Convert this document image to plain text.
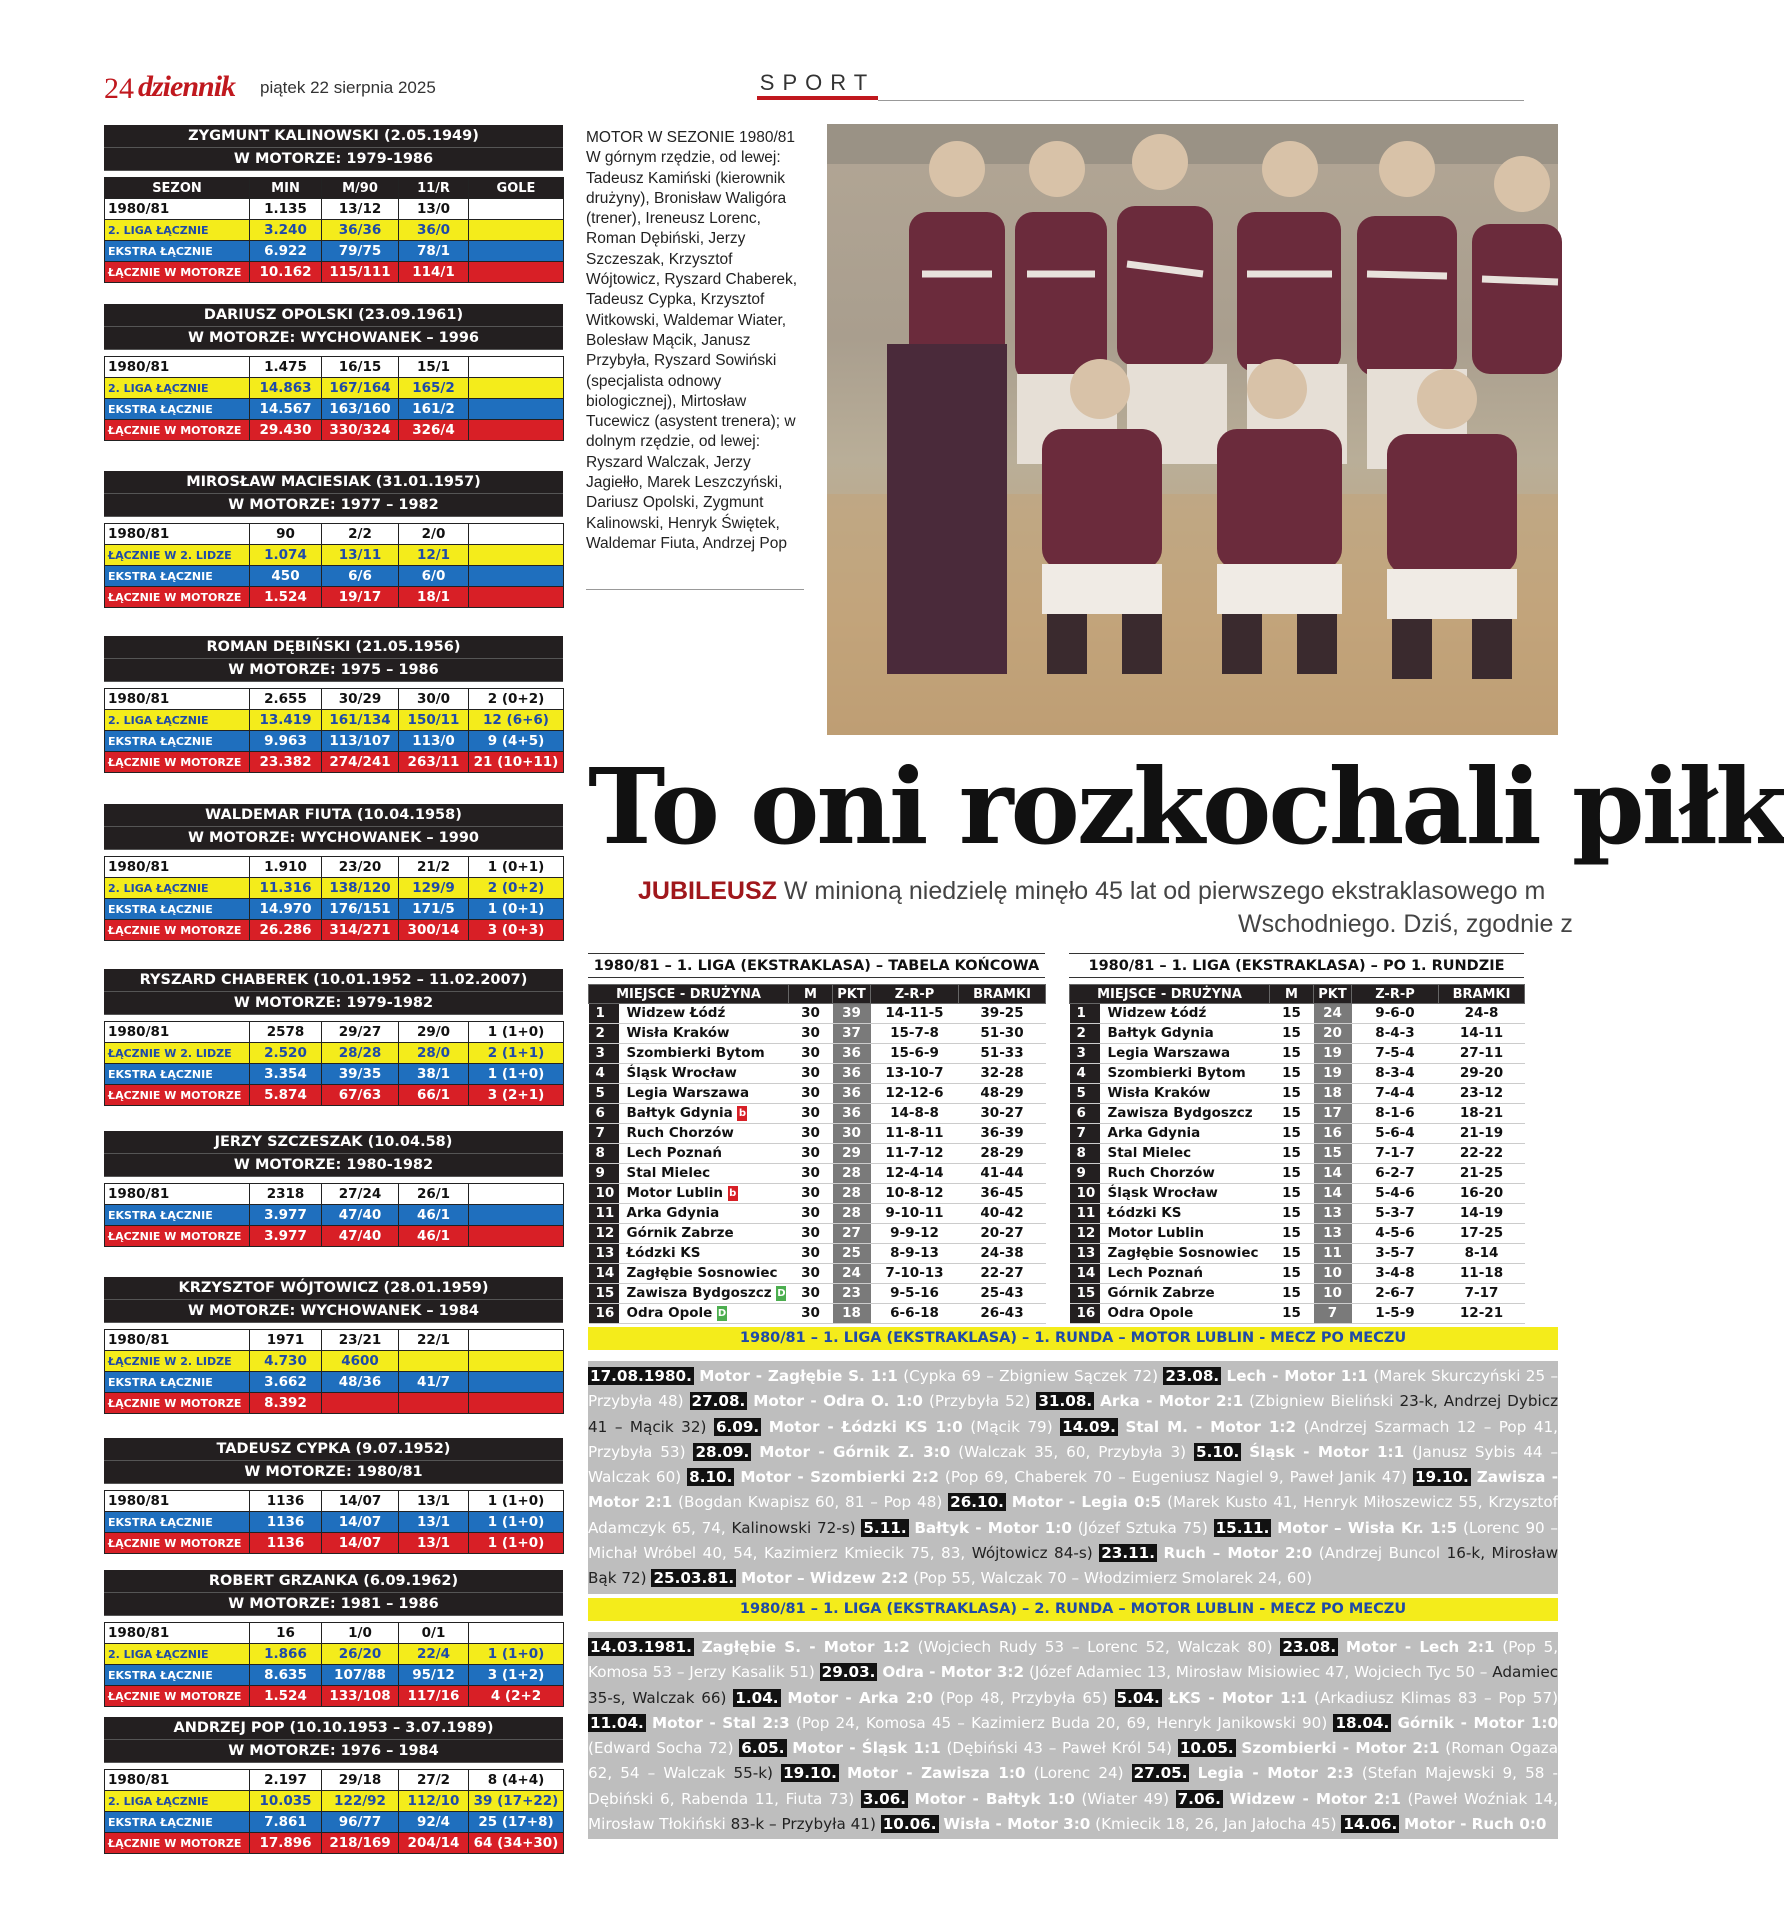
24 dziennik piątek 22 sierpnia 2025	SPORT
ZYGMUNT KALINOWSKI (2.05.1949)
W MOTORZE: 1979-1986
SEZON	MIN	M/90	11/R	GOLE
1980/81	1.135	13/12	13/0	
2. LIGA ŁĄCZNIE	3.240	36/36	36/0	
EKSTRA ŁĄCZNIE	6.922	79/75	78/1	
ŁĄCZNIE W MOTORZE	10.162	115/111	114/1	
DARIUSZ OPOLSKI (23.09.1961)
W MOTORZE: WYCHOWANEK – 1996
1980/81	1.475	16/15	15/1	
2. LIGA ŁĄCZNIE	14.863	167/164	165/2	
EKSTRA ŁĄCZNIE	14.567	163/160	161/2	
ŁĄCZNIE W MOTORZE	29.430	330/324	326/4	
MIROSŁAW MACIESIAK (31.01.1957)
W MOTORZE: 1977 – 1982
1980/81	90	2/2	2/0	
ŁĄCZNIE W 2. LIDZE	1.074	13/11	12/1	
EKSTRA ŁĄCZNIE	450	6/6	6/0	
ŁĄCZNIE W MOTORZE	1.524	19/17	18/1	
ROMAN DĘBIŃSKI (21.05.1956)
W MOTORZE: 1975 – 1986
1980/81	2.655	30/29	30/0	2 (0+2)
2. LIGA ŁĄCZNIE	13.419	161/134	150/11	12 (6+6)
EKSTRA ŁĄCZNIE	9.963	113/107	113/0	9 (4+5)
ŁĄCZNIE W MOTORZE	23.382	274/241	263/11	21 (10+11)
WALDEMAR FIUTA (10.04.1958)
W MOTORZE: WYCHOWANEK – 1990
1980/81	1.910	23/20	21/2	1 (0+1)
2. LIGA ŁĄCZNIE	11.316	138/120	129/9	2 (0+2)
EKSTRA ŁĄCZNIE	14.970	176/151	171/5	1 (0+1)
ŁĄCZNIE W MOTORZE	26.286	314/271	300/14	3 (0+3)
RYSZARD CHABEREK (10.01.1952 – 11.02.2007)
W MOTORZE: 1979-1982
1980/81	2578	29/27	29/0	1 (1+0)
ŁĄCZNIE W 2. LIDZE	2.520	28/28	28/0	2 (1+1)
EKSTRA ŁĄCZNIE	3.354	39/35	38/1	1 (1+0)
ŁĄCZNIE W MOTORZE	5.874	67/63	66/1	3 (2+1)
JERZY SZCZESZAK (10.04.58)
W MOTORZE: 1980-1982
1980/81	2318	27/24	26/1	
EKSTRA ŁĄCZNIE	3.977	47/40	46/1	
ŁĄCZNIE W MOTORZE	3.977	47/40	46/1	
KRZYSZTOF WÓJTOWICZ (28.01.1959)
W MOTORZE: WYCHOWANEK – 1984
1980/81	1971	23/21	22/1	
ŁĄCZNIE W 2. LIDZE	4.730	4600		
EKSTRA ŁĄCZNIE	3.662	48/36	41/7	
ŁĄCZNIE W MOTORZE	8.392			
TADEUSZ CYPKA (9.07.1952)
W MOTORZE: 1980/81
1980/81	1136	14/07	13/1	1 (1+0)
EKSTRA ŁĄCZNIE	1136	14/07	13/1	1 (1+0)
ŁĄCZNIE W MOTORZE	1136	14/07	13/1	1 (1+0)
ROBERT GRZANKA (6.09.1962)
W MOTORZE: 1981 – 1986
1980/81	16	1/0	0/1	
2. LIGA ŁĄCZNIE	1.866	26/20	22/4	1 (1+0)
EKSTRA ŁĄCZNIE	8.635	107/88	95/12	3 (1+2)
ŁĄCZNIE W MOTORZE	1.524	133/108	117/16	4 (2+2
ANDRZEJ POP (10.10.1953 – 3.07.1989)
W MOTORZE: 1976 – 1984
1980/81	2.197	29/18	27/2	8 (4+4)
2. LIGA ŁĄCZNIE	10.035	122/92	112/10	39 (17+22)
EKSTRA ŁĄCZNIE	7.861	96/77	92/4	25 (17+8)
ŁĄCZNIE W MOTORZE	17.896	218/169	204/14	64 (34+30)
MOTOR W SEZONIE 1980/81 W górnym rzędzie, od lewej: Tadeusz Kamiński (kierownik drużyny), Bronisław Waligóra (trener), Ireneusz Lorenc, Roman Dębiński, Jerzy Szczeszak, Krzysztof Wójtowicz, Ryszard Chaberek, Tadeusz Cypka, Krzysztof Witkowski, Waldemar Wiater, Bolesław Mącik, Janusz Przybyła, Ryszard Sowiński (specjalista odnowy biologicznej), Mirtosław Tucewicz (asystent trenera); w dolnym rzędzie, od lewej: Ryszard Walczak, Jerzy Jagiełło, Marek Leszczyński, Dariusz Opolski, Zygmunt Kalinowski, Henryk Świętek, Waldemar Fiuta, Andrzej Pop
To oni rozkochali piłk
JUBILEUSZ W minioną niedzielę minęło 45 lat od pierwszego ekstraklasowego m
Wschodniego. Dziś, zgodnie z
1980/81 – 1. LIGA (EKSTRAKLASA) – TABELA KOŃCOWA
MIEJSCE - DRUŻYNA		M	PKT	Z-R-P	BRAMKI
1	Widzew Łódź	30	39	14-11-5	39-25
2	Wisła Kraków	30	37	15-7-8	51-30
3	Szombierki Bytom	30	36	15-6-9	51-33
4	Śląsk Wrocław	30	36	13-10-7	32-28
5	Legia Warszawa	30	36	12-12-6	48-29
6	Bałtyk Gdynia b	30	36	14-8-8	30-27
7	Ruch Chorzów	30	30	11-8-11	36-39
8	Lech Poznań	30	29	11-7-12	28-29
9	Stal Mielec	30	28	12-4-14	41-44
10	Motor Lublin b	30	28	10-8-12	36-45
11	Arka Gdynia	30	28	9-10-11	40-42
12	Górnik Zabrze	30	27	9-9-12	20-27
13	Łódzki KS	30	25	8-9-13	24-38
14	Zagłębie Sosnowiec	30	24	7-10-13	22-27
15	Zawisza Bydgoszcz D	30	23	9-5-16	25-43
16	Odra Opole D	30	18	6-6-18	26-43
1980/81 – 1. LIGA (EKSTRAKLASA) – PO 1. RUNDZIE
MIEJSCE - DRUŻYNA		M	PKT	Z-R-P	BRAMKI
1	Widzew Łódź	15	24	9-6-0	24-8
2	Bałtyk Gdynia	15	20	8-4-3	14-11
3	Legia Warszawa	15	19	7-5-4	27-11
4	Szombierki Bytom	15	19	8-3-4	29-20
5	Wisła Kraków	15	18	7-4-4	23-12
6	Zawisza Bydgoszcz	15	17	8-1-6	18-21
7	Arka Gdynia	15	16	5-6-4	21-19
8	Stal Mielec	15	15	7-1-7	22-22
9	Ruch Chorzów	15	14	6-2-7	21-25
10	Śląsk Wrocław	15	14	5-4-6	16-20
11	Łódzki KS	15	13	5-3-7	14-19
12	Motor Lublin	15	13	4-5-6	17-25
13	Zagłębie Sosnowiec	15	11	3-5-7	8-14
14	Lech Poznań	15	10	3-4-8	11-18
15	Górnik Zabrze	15	10	2-6-7	7-17
16	Odra Opole	15	7	1-5-9	12-21
1980/81 – 1. LIGA (EKSTRAKLASA) – 1. RUNDA – MOTOR LUBLIN - MECZ PO MECZU
17.08.1980. Motor - Zagłębie S. 1:1 (Cypka 69 – Zbigniew Sączek 72) 23.08. Lech - Motor 1:1 (Marek Skurczyński 25 – Przybyła 48) 27.08. Motor - Odra O. 1:0 (Przybyła 52) 31.08. Arka - Motor 2:1 (Zbigniew Bieliński 23-k, Andrzej Dybicz 41 – Mącik 32) 6.09. Motor - Łódzki KS 1:0 (Mącik 79) 14.09. Stal M. - Motor 1:2 (Andrzej Szarmach 12 – Pop 41, Przybyła 53) 28.09. Motor - Górnik Z. 3:0 (Walczak 35, 60, Przybyła 3) 5.10. Śląsk - Motor 1:1 (Janusz Sybis 44 – Walczak 60) 8.10. Motor - Szombierki 2:2 (Pop 69, Chaberek 70 – Eugeniusz Nagiel 9, Paweł Janik 47) 19.10. Zawisza - Motor 2:1 (Bogdan Kwapisz 60, 81 – Pop 48) 26.10. Motor - Legia 0:5 (Marek Kusto 41, Henryk Miłoszewicz 55, Krzysztof Adamczyk 65, 74, Kalinowski 72-s) 5.11. Bałtyk - Motor 1:0 (Józef Sztuka 75) 15.11. Motor – Wisła Kr. 1:5 (Lorenc 90 – Michał Wróbel 40, 54, Kazimierz Kmiecik 75, 83, Wójtowicz 84-s) 23.11. Ruch – Motor 2:0 (Andrzej Buncol 16-k, Mirosław Bąk 72) 25.03.81. Motor – Widzew 2:2 (Pop 55, Walczak 70 – Włodzimierz Smolarek 24, 60)
1980/81 – 1. LIGA (EKSTRAKLASA) – 2. RUNDA – MOTOR LUBLIN - MECZ PO MECZU
14.03.1981. Zagłębie S. - Motor 1:2 (Wojciech Rudy 53 – Lorenc 52, Walczak 80) 23.08. Motor - Lech 2:1 (Pop 5, Komosa 53 – Jerzy Kasalik 51) 29.03. Odra - Motor 3:2 (Józef Adamiec 13, Mirosław Misiowiec 47, Wojciech Tyc 50 – Adamiec 35-s, Walczak 66) 1.04. Motor - Arka 2:0 (Pop 48, Przybyła 65) 5.04. ŁKS - Motor 1:1 (Arkadiusz Klimas 83 – Pop 57) 11.04. Motor - Stal 2:3 (Pop 24, Komosa 45 – Kazimierz Buda 20, 69, Henryk Janikowski 90) 18.04. Górnik - Motor 1:0 (Edward Socha 72) 6.05. Motor - Śląsk 1:1 (Dębiński 43 – Paweł Król 54) 10.05. Szombierki - Motor 2:1 (Roman Ogaza 62, 54 – Walczak 55-k) 19.10. Motor - Zawisza 1:0 (Lorenc 24) 27.05. Legia - Motor 2:3 (Stefan Majewski 9, 58 - Dębiński 6, Rabenda 11, Fiuta 73) 3.06. Motor - Bałtyk 1:0 (Wiater 49) 7.06. Widzew - Motor 2:1 (Paweł Woźniak 14, Mirosław Tłokiński 83-k – Przybyła 41) 10.06. Wisła - Motor 3:0 (Kmiecik 18, 26, Jan Jałocha 45) 14.06. Motor - Ruch 0:0
